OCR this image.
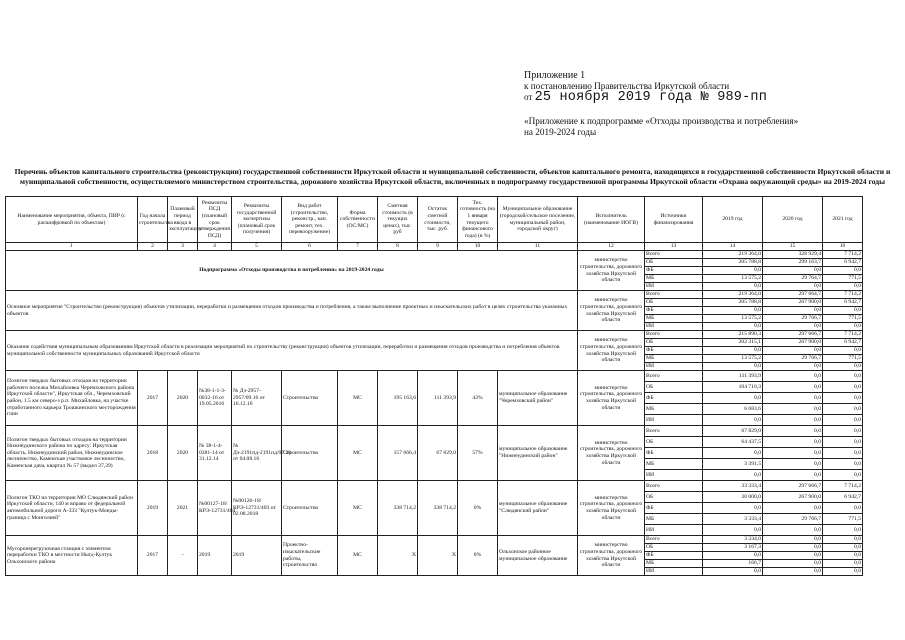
Приложение 1
к постановлению Правительства Иркутской области
от 25 ноября 2019 года № 989-пп
«Приложение к подпрограмме «Отходы производства и потребления»
на 2019-2024 годы
Перечень объектов капитального строительства (реконструкции) государственной собственности Иркутской области и муниципальной собственности, объектов капитального ремонта, находящихся в государственной собственности Иркутской области и муниципальной собственности, осуществляемого министерством строительства, дорожного хозяйства Иркутской области, включенных в подпрограмму государственной программы Иркутской области «Охрана окружающей среды» на 2019-2024 годы
Наименование мероприятия, объекта, ПИР (с расшифровкой по объектам)	Год начала строительства	Плановый период ввода в эксплуатацию	Реквизиты ПСД (плановый срок утверждения ПСД)	Реквизиты государственной экспертизы (плановый срок получения)	Вид работ (строительство, реконстр., кап. ремонт, тех. перевооружение)	Форма собственности (ОС/МС)	Сметная стоимость (в текущих ценах), тыс. руб	Остаток сметной стоимости, тыс. руб.	Тех. готовность (на 1 января текущего финансового года) (в %)	Муниципальное образование (городской/сельское поселение, муниципальный район, городской округ)	Исполнитель (наименование ИОГВ)	Источники финансирования	2019 год	2020 год	2021 год
1	2	3	4	5	6	7	8	9	10	11	12	13	14	15	16
Подпрограмма «Отходы производства и потребления» на 2019-2024 годы											министерство строительства, дорожного хозяйства Иркутской области	Всего	219 364,0	328 929,4	7 714,2
												ОБ	205 788,8	299 163,7	6 942,7
												ФБ	0,0	0,0	0,0
												МБ	13 575,2	29 764,7	771,5
												ИИ	0,0	0,0	0,0
Основное мероприятие "Строительство (реконструкция) объектов утилизации, переработки и размещения отходов производства и потребления, а также выполнение проектных и изыскательских работ в целях строительства указанных объектов											министерство строительства, дорожного хозяйства Иркутской области	Всего	219 364,0	297 664,7	7 714,2
												ОБ	205 788,8	267 900,0	6 942,7
												ФБ	0,0	0,0	0,0
												МБ	13 575,2	29 766,7	771,5
												ИИ	0,0	0,0	0,0
Оказание содействия муниципальным образованиям Иркутской области в реализации мероприятий по строительству (реконструкции) объектов утилизации, переработки и размещения отходов производства и потребления объектов муниципальной собственности муниципальных образований Иркутской области											министерство строительства, дорожного хозяйства Иркутской области	Всего	215 890,3	297 666,7	7 714,2
												ОБ	202 315,1	267 900,0	6 942,7
												ФБ	0,0	0,0	0,0
												МБ	13 575,2	29 766,7	771,5
												ИИ	0,0	0,0	0,0
Полигон твердых бытовых отходов на территории рабочего поселка Михайловка Черемховского района Иркутской области", Иркутская обл., Черемховский район, 1.5 км северо-з р.п. Михайловка, на участке отработанного карьера Трошкинского месторождения глин	2017	2020	№38-1-1-3-0032-16 от 19.05.2016	№ Дз-2957-2957/09.16 от 16.12.16	Строительство	МС	195 163,6	111 393,9	43%	муниципальное образование "Черемховский район"	министерство строительства, дорожного хозяйства Иркутской области	Всего	111 393,9	0,0	0,0
												ОБ	104 710,3	0,0	0,0
												ФБ	0,0	0,0	0,0
												МБ	6 683,6	0,0	0,0
												ИИ	0,0	0,0	0,0
Полигон твердых бытовых отходов на территории Нижнеудинского района по адресу: Иркутская область, Нижнеудинский район, Нижнеудинское лесничество, Каменская участковое лесничество, Каменская дача, квартал № 57 (выдел 37,39)	2018	2020	№ 38-1-4-0381-14 от 31.12.14	№ Дз-2191пд-2191пд/07.16 от 04.08.16	Строительство	МС	157 666,4	67 829,0	57%	муниципальное образование "Нижнеудинский район"	министерство строительства, дорожного хозяйства Иркутской области	Всего	67 829,0	0,0	0,0
												ОБ	64 437,5	0,0	0,0
												ФБ	0,0	0,0	0,0
												МБ	3 391,5	0,0	0,0
												ИИ	0,0	0,0	0,0
Полигон ТКО на территории МО Слюдянский район Иркутской области, 140 м вправо от федеральной автомобильной дороги А-333 "Култук-Монды-граница с Монголией"	2019	2021	№00127-18/КРЭ-12731/404	№00126-18/КРЭ-12731/403 от 02.08.2018	Строительство	МС	338 714,2	338 714,2	0%	муниципальное образование "Слюдянский район"	министерство строительства, дорожного хозяйства Иркутской области	Всего	33 333,4	297 666,7	7 714,2
												ОБ	30 000,0	267 900,0	6 942,7
												ФБ	0,0	0,0	0,0
												МБ	3 333,4	29 766,7	771,5
												ИИ	0,0	0,0	0,0
Мусороперегрузочная станция с элементом переработки ТКО в местности Ныгд-Култук Ольхонского района	2017	-	2019	2019	Проектно-изыскательские работы, строительство	МС	Х	Х	0%	Ольхонское районное муниципальное образование	министерство строительства, дорожного хозяйства Иркутской области	Всего	3 334,0	0,0	0,0
												ОБ	3 167,3	0,0	0,0
												ФБ	0,0	0,0	0,0
												МБ	166,7	0,0	0,0
												ИИ	0,0	0,0	0,0
